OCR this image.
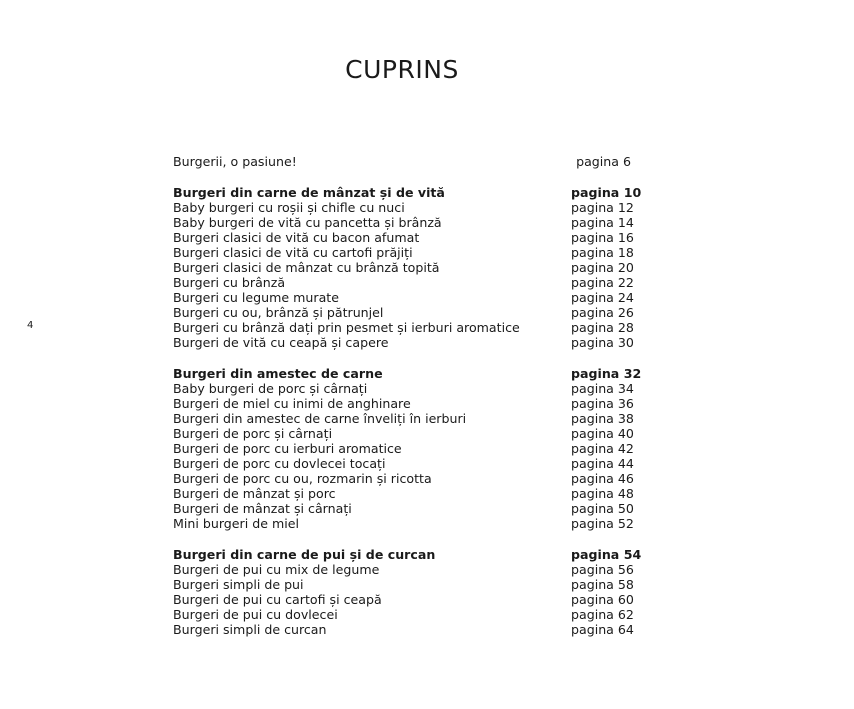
CUPRINS
4
Burgerii, o pasiune!	pagina 6
Burgeri din carne de mânzat și de vită	pagina 10
Baby burgeri cu roșii și chifle cu nuci	pagina 12
Baby burgeri de vită cu pancetta și brânză	pagina 14
Burgeri clasici de vită cu bacon afumat	pagina 16
Burgeri clasici de vită cu cartofi prăjiți	pagina 18
Burgeri clasici de mânzat cu brânză topită	pagina 20
Burgeri cu brânză	pagina 22
Burgeri cu legume murate	pagina 24
Burgeri cu ou, brânză și pătrunjel	pagina 26
Burgeri cu brânză dați prin pesmet și ierburi aromatice	pagina 28
Burgeri de vită cu ceapă și capere	pagina 30
Burgeri din amestec de carne	pagina 32
Baby burgeri de porc și cârnați	pagina 34
Burgeri de miel cu inimi de anghinare	pagina 36
Burgeri din amestec de carne înveliți în ierburi	pagina 38
Burgeri de porc și cârnați	pagina 40
Burgeri de porc cu ierburi aromatice	pagina 42
Burgeri de porc cu dovlecei tocați	pagina 44
Burgeri de porc cu ou, rozmarin și ricotta	pagina 46
Burgeri de mânzat și porc	pagina 48
Burgeri de mânzat și cârnați	pagina 50
Mini burgeri de miel	pagina 52
Burgeri din carne de pui și de curcan	pagina 54
Burgeri de pui cu mix de legume	pagina 56
Burgeri simpli de pui	pagina 58
Burgeri de pui cu cartofi și ceapă	pagina 60
Burgeri de pui cu dovlecei	pagina 62
Burgeri simpli de curcan	pagina 64
